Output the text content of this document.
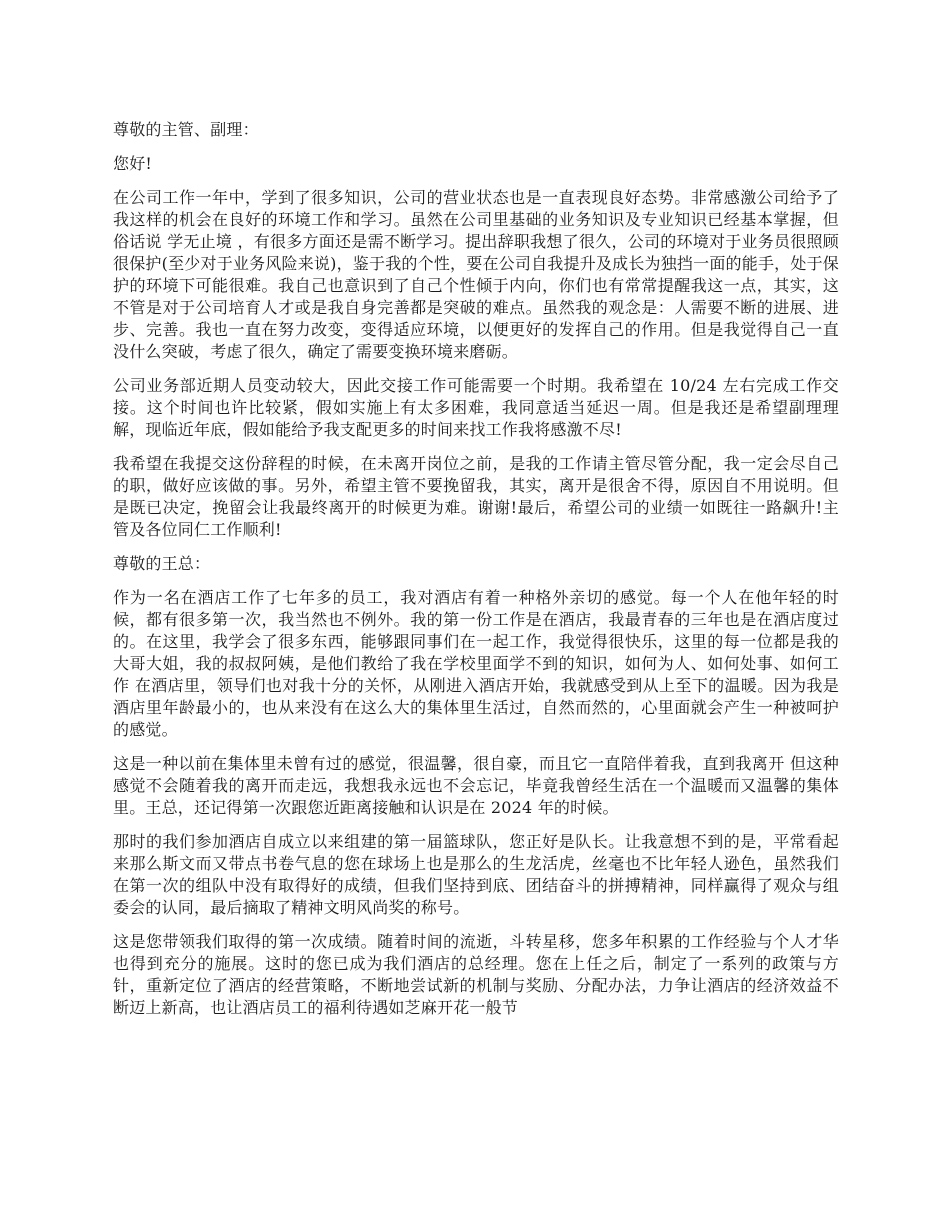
尊敬的主管、副理：

您好!

在公司工作一年中，学到了很多知识，公司的营业状态也是一直表现良好态势。非常感激公司给予了我这样的机会在良好的环境工作和学习。虽然在公司里基础的业务知识及专业知识已经基本掌握，但俗话说 学无止境 ，有很多方面还是需不断学习。提出辞职我想了很久，公司的环境对于业务员很照顾很保护(至少对于业务风险来说)，鉴于我的个性，要在公司自我提升及成长为独挡一面的能手，处于保护的环境下可能很难。我自己也意识到了自己个性倾于内向，你们也有常常提醒我这一点，其实，这不管是对于公司培育人才或是我自身完善都是突破的难点。虽然我的观念是：人需要不断的进展、进步、完善。我也一直在努力改变，变得适应环境，以便更好的发挥自己的作用。但是我觉得自己一直没什么突破，考虑了很久，确定了需要变换环境来磨砺。

公司业务部近期人员变动较大，因此交接工作可能需要一个时期。我希望在 10/24 左右完成工作交接。这个时间也许比较紧，假如实施上有太多困难，我同意适当延迟一周。但是我还是希望副理理解，现临近年底，假如能给予我支配更多的时间来找工作我将感激不尽!

我希望在我提交这份辞程的时候，在未离开岗位之前，是我的工作请主管尽管分配，我一定会尽自己的职，做好应该做的事。另外，希望主管不要挽留我，其实，离开是很舍不得，原因自不用说明。但是既已决定，挽留会让我最终离开的时候更为难。谢谢!最后，希望公司的业绩一如既往一路飙升!主管及各位同仁工作顺利!

尊敬的王总：

作为一名在酒店工作了七年多的员工，我对酒店有着一种格外亲切的感觉。每一个人在他年轻的时候，都有很多第一次，我当然也不例外。我的第一份工作是在酒店，我最青春的三年也是在酒店度过的。在这里，我学会了很多东西，能够跟同事们在一起工作，我觉得很快乐，这里的每一位都是我的大哥大姐，我的叔叔阿姨，是他们教给了我在学校里面学不到的知识，如何为人、如何处事、如何工作 在酒店里，领导们也对我十分的关怀，从刚进入酒店开始，我就感受到从上至下的温暖。因为我是酒店里年龄最小的，也从来没有在这么大的集体里生活过，自然而然的，心里面就会产生一种被呵护的感觉。

这是一种以前在集体里未曾有过的感觉，很温馨，很自豪，而且它一直陪伴着我，直到我离开 但这种感觉不会随着我的离开而走远，我想我永远也不会忘记，毕竟我曾经生活在一个温暖而又温馨的集体里。王总，还记得第一次跟您近距离接触和认识是在 2024 年的时候。

那时的我们参加酒店自成立以来组建的第一届篮球队，您正好是队长。让我意想不到的是，平常看起来那么斯文而又带点书卷气息的您在球场上也是那么的生龙活虎，丝毫也不比年轻人逊色，虽然我们在第一次的组队中没有取得好的成绩，但我们坚持到底、团结奋斗的拼搏精神，同样赢得了观众与组委会的认同，最后摘取了精神文明风尚奖的称号。

这是您带领我们取得的第一次成绩。随着时间的流逝，斗转星移，您多年积累的工作经验与个人才华也得到充分的施展。这时的您已成为我们酒店的总经理。您在上任之后，制定了一系列的政策与方针，重新定位了酒店的经营策略，不断地尝试新的机制与奖励、分配办法，力争让酒店的经济效益不断迈上新高，也让酒店员工的福利待遇如芝麻开花一般节
